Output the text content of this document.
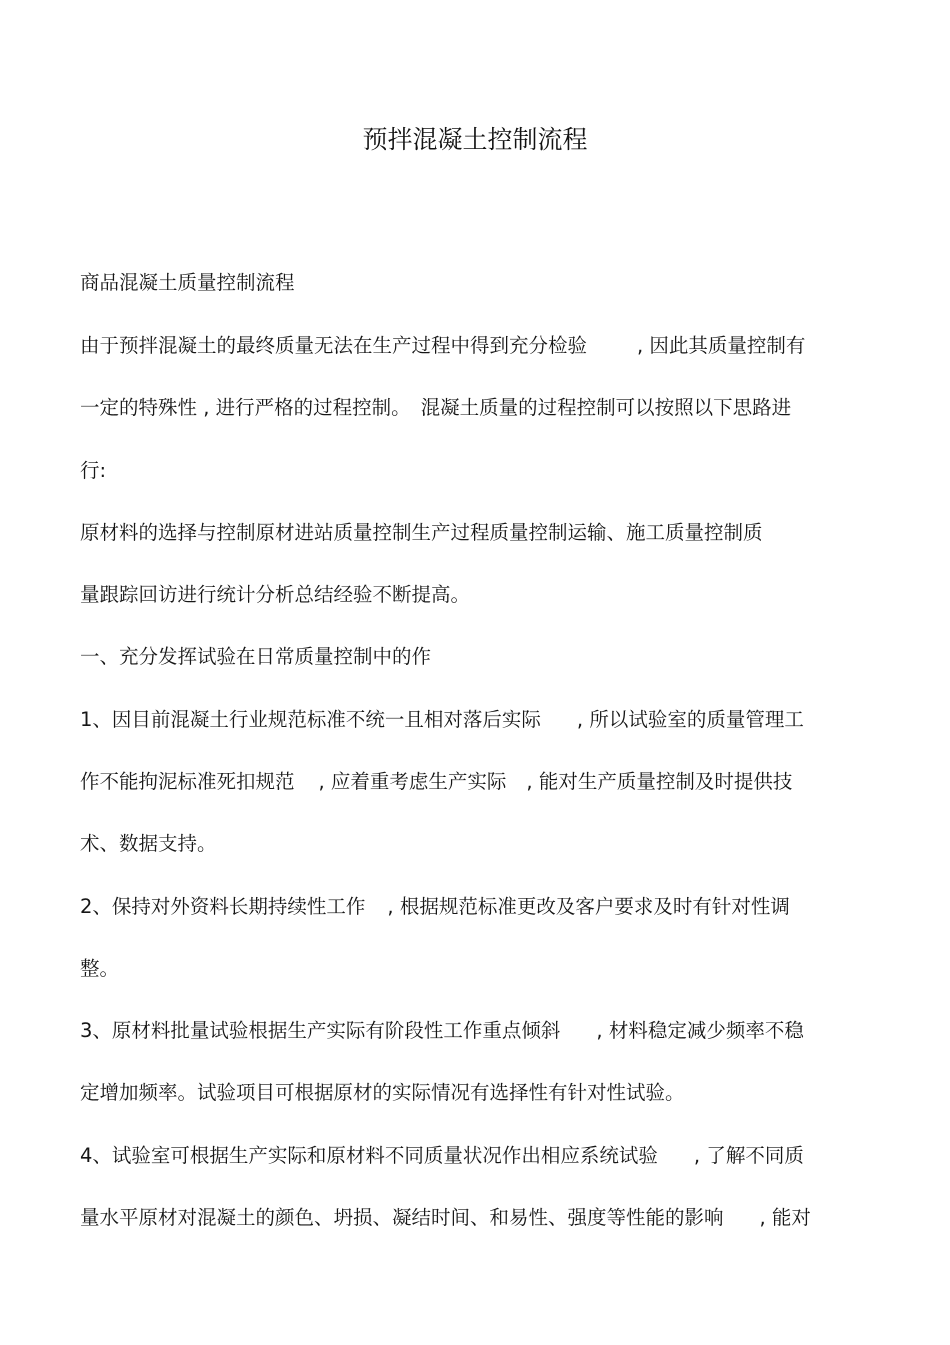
预拌混凝土控制流程
商品混凝土质量控制流程
由于预拌混凝土的最终质量无法在生产过程中得到充分检验	, 因此其质量控制有
一定的特殊性 , 进行严格的过程控制。 混凝土质量的过程控制可以按照以下思路进
行:
原材料的选择与控制原材进站质量控制生产过程质量控制运输、施工质量控制质
量跟踪回访进行统计分析总结经验不断提高。
一、充分发挥试验在日常质量控制中的作
1、因目前混凝土行业规范标准不统一且相对落后实际 , 所以试验室的质量管理工
作不能拘泥标准死扣规范 , 应着重考虑生产实际 , 能对生产质量控制及时提供技
术、数据支持。
2、保持对外资料长期持续性工作 , 根据规范标准更改及客户要求及时有针对性调
整。
3、原材料批量试验根据生产实际有阶段性工作重点倾斜 , 材料稳定减少频率不稳
定增加频率。试验项目可根据原材的实际情况有选择性有针对性试验。
4、试验室可根据生产实际和原材料不同质量状况作出相应系统试验 , 了解不同质
量水平原材对混凝土的颜色、坍损、凝结时间、和易性、强度等性能的影响 , 能对
